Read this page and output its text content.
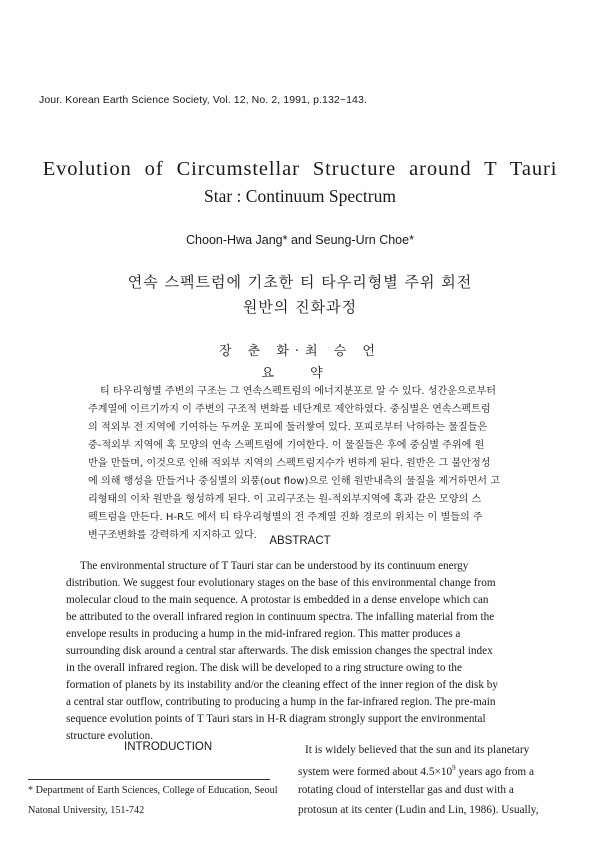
Jour. Korean Earth Science Society, Vol. 12, No. 2, 1991, p.132~143.
Evolution of Circumstellar Structure around T Tauri
Star : Continuum Spectrum
Choon-Hwa Jang* and Seung-Urn Choe*
연속 스펙트럼에 기초한 티 타우리형별 주위 회전
원반의 진화과정
장 춘 화·최 승 언
요 약
티 타우리형별 주변의 구조는 그 연속스펙트럼의 에너지분포로 알 수 있다. 성간운으로부터
주계열에 이르기까지 이 주변의 구조적 변화를 네단계로 제안하였다. 중심별은 연속스펙트럼
의 적외부 전 지역에 기여하는 두꺼운 포피에 둘러쌓여 있다. 포피로부터 낙하하는 물질들은
중-적외부 지역에 혹 모양의 연속 스펙트럼에 기여한다. 이 물질들은 후에 중심별 주위에 원
반을 만들며, 이것으로 인해 적외부 지역의 스펙트럼지수가 변하게 된다. 원반은 그 불안정성
에 의해 행성을 만들거나 중심별의 외풍(out flow)으로 인해 원반내측의 물질을 제거하면서 고
리형태의 이차 원반을 형성하게 된다. 이 고리구조는 원-적외부지역에 혹과 같은 모양의 스
펙트럼을 만든다. H-R도 에서 티 타우리형별의 전 주계열 진화 경로의 위치는 이 별들의 주
변구조변화를 강력하게 지지하고 있다.	ABSTRACT
The environmental structure of T Tauri star can be understood by its continuum energy
distribution. We suggest four evolutionary stages on the base of this environmental change from
molecular cloud to the main sequence. A protostar is embedded in a dense envelope which can
be attributed to the overall infrared region in continuum spectra. The infalling material from the
envelope results in producing a hump in the mid-infrared region. This matter produces a
surrounding disk around a central star afterwards. The disk emission changes the spectral index
in the overall infrared region. The disk will be developed to a ring structure owing to the
formation of planets by its instability and/or the cleaning effect of the inner region of the disk by
a central star outflow, contributing to producing a hump in the far-infrared region. The pre-main
sequence evolution points of T Tauri stars in H-R diagram strongly support the environmental
structure evolution.
INTRODUCTION
* Department of Earth Sciences, College of Education, Seoul
Natonal University, 151-742
It is widely believed that the sun and its planetary
system were formed about $4.5\times 10^9$ years ago from a
rotating cloud of interstellar gas and dust with a
protosun at its center (Ludin and Lin, 1986). Usually,
